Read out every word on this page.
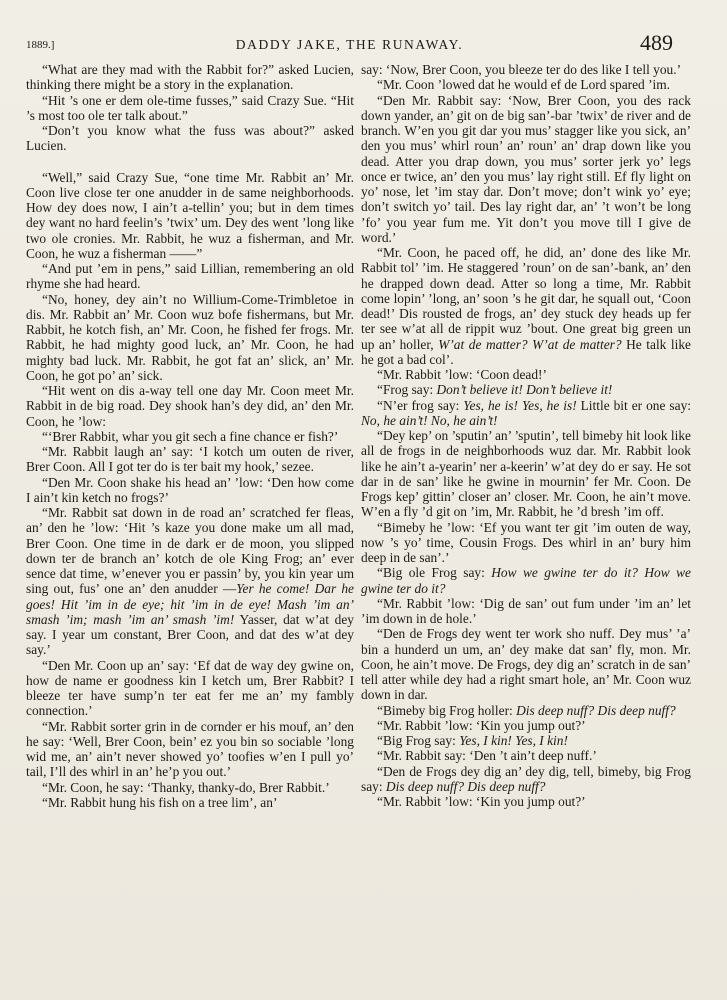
1889.]	DADDY JAKE, THE RUNAWAY.	489

“What are they mad with the Rabbit for?” asked Lucien, thinking there might be a story in the explanation.

“Hit ’s one er dem ole-time fusses,” said Crazy Sue. “Hit ’s most too ole ter talk about.”

“Don’t you know what the fuss was about?” asked Lucien.

“Well,” said Crazy Sue, “one time Mr. Rabbit an’ Mr. Coon live close ter one anudder in de same neighborhoods. How dey does now, I ain’t a-tellin’ you; but in dem times dey want no hard feelin’s ’twix’ um. Dey des went ’long like two ole cronies. Mr. Rabbit, he wuz a fisherman, and Mr. Coon, he wuz a fisherman ——”

“And put ’em in pens,” said Lillian, remembering an old rhyme she had heard.

“No, honey, dey ain’t no Willium-Come-Trimbletoe in dis. Mr. Rabbit an’ Mr. Coon wuz bofe fishermans, but Mr. Rabbit, he kotch fish, an’ Mr. Coon, he fished fer frogs. Mr. Rabbit, he had mighty good luck, an’ Mr. Coon, he had mighty bad luck. Mr. Rabbit, he got fat an’ slick, an’ Mr. Coon, he got po’ an’ sick.

“Hit went on dis a-way tell one day Mr. Coon meet Mr. Rabbit in de big road. Dey shook han’s dey did, an’ den Mr. Coon, he ’low:

“‘Brer Rabbit, whar you git sech a fine chance er fish?’

“Mr. Rabbit laugh an’ say: ‘I kotch um outen de river, Brer Coon. All I got ter do is ter bait my hook,’ sezee.

“Den Mr. Coon shake his head an’ ’low: ‘Den how come I ain’t kin ketch no frogs?’

“Mr. Rabbit sat down in de road an’ scratched fer fleas, an’ den he ’low: ‘Hit ’s kaze you done make um all mad, Brer Coon. One time in de dark er de moon, you slipped down ter de branch an’ kotch de ole King Frog; an’ ever sence dat time, w’enever you er passin’ by, you kin year um sing out, fus’ one an’ den anudder —Yer he come! Dar he goes! Hit ’im in de eye; hit ’im in de eye! Mash ’im an’ smash ’im; mash ’im an’ smash ’im! Yasser, dat w’at dey say. I year um constant, Brer Coon, and dat des w’at dey say.’

“Den Mr. Coon up an’ say: ‘Ef dat de way dey gwine on, how de name er goodness kin I ketch um, Brer Rabbit? I bleeze ter have sump’n ter eat fer me an’ my fambly connection.’

“Mr. Rabbit sorter grin in de cornder er his mouf, an’ den he say: ‘Well, Brer Coon, bein’ ez you bin so sociable ’long wid me, an’ ain’t never showed yo’ toofies w’en I pull yo’ tail, I’ll des whirl in an’ he’p you out.’

“Mr. Coon, he say: ‘Thanky, thanky-do, Brer Rabbit.’

“Mr. Rabbit hung his fish on a tree lim’, an’

say: ‘Now, Brer Coon, you bleeze ter do des like I tell you.’

“Mr. Coon ’lowed dat he would ef de Lord spared ’im.

“Den Mr. Rabbit say: ‘Now, Brer Coon, you des rack down yander, an’ git on de big san’-bar ’twix’ de river and de branch. W’en you git dar you mus’ stagger like you sick, an’ den you mus’ whirl roun’ an’ roun’ an’ drap down like you dead. Atter you drap down, you mus’ sorter jerk yo’ legs once er twice, an’ den you mus’ lay right still. Ef fly light on yo’ nose, let ’im stay dar. Don’t move; don’t wink yo’ eye; don’t switch yo’ tail. Des lay right dar, an’ ’t won’t be long ’fo’ you year fum me. Yit don’t you move till I give de word.’

“Mr. Coon, he paced off, he did, an’ done des like Mr. Rabbit tol’ ’im. He staggered ’roun’ on de san’-bank, an’ den he drapped down dead. Atter so long a time, Mr. Rabbit come lopin’ ’long, an’ soon ’s he git dar, he squall out, ‘Coon dead!’ Dis rousted de frogs, an’ dey stuck dey heads up fer ter see w’at all de rippit wuz ’bout. One great big green un up an’ holler, W’at de matter? W’at de matter? He talk like he got a bad col’.

“Mr. Rabbit ’low: ‘Coon dead!’

“Frog say: Don’t believe it! Don’t believe it!

“N’er frog say: Yes, he is! Yes, he is! Little bit er one say: No, he ain’t! No, he ain’t!

“Dey kep’ on ’sputin’ an’ ’sputin’, tell bimeby hit look like all de frogs in de neighborhoods wuz dar. Mr. Rabbit look like he ain’t a-yearin’ ner a-keerin’ w’at dey do er say. He sot dar in de san’ like he gwine in mournin’ fer Mr. Coon. De Frogs kep’ gittin’ closer an’ closer. Mr. Coon, he ain’t move. W’en a fly ’d git on ’im, Mr. Rabbit, he ’d bresh ’im off.

“Bimeby he ’low: ‘Ef you want ter git ’im outen de way, now ’s yo’ time, Cousin Frogs. Des whirl in an’ bury him deep in de san’.’

“Big ole Frog say: How we gwine ter do it? How we gwine ter do it?

“Mr. Rabbit ’low: ‘Dig de san’ out fum under ’im an’ let ’im down in de hole.’

“Den de Frogs dey went ter work sho nuff. Dey mus’ ’a’ bin a hunderd un um, an’ dey make dat san’ fly, mon. Mr. Coon, he ain’t move. De Frogs, dey dig an’ scratch in de san’ tell atter while dey had a right smart hole, an’ Mr. Coon wuz down in dar.

“Bimeby big Frog holler: Dis deep nuff? Dis deep nuff?

“Mr. Rabbit ’low: ‘Kin you jump out?’

“Big Frog say: Yes, I kin! Yes, I kin!

“Mr. Rabbit say: ‘Den ’t ain’t deep nuff.’

“Den de Frogs dey dig an’ dey dig, tell, bimeby, big Frog say: Dis deep nuff? Dis deep nuff?

“Mr. Rabbit ’low: ‘Kin you jump out?’
